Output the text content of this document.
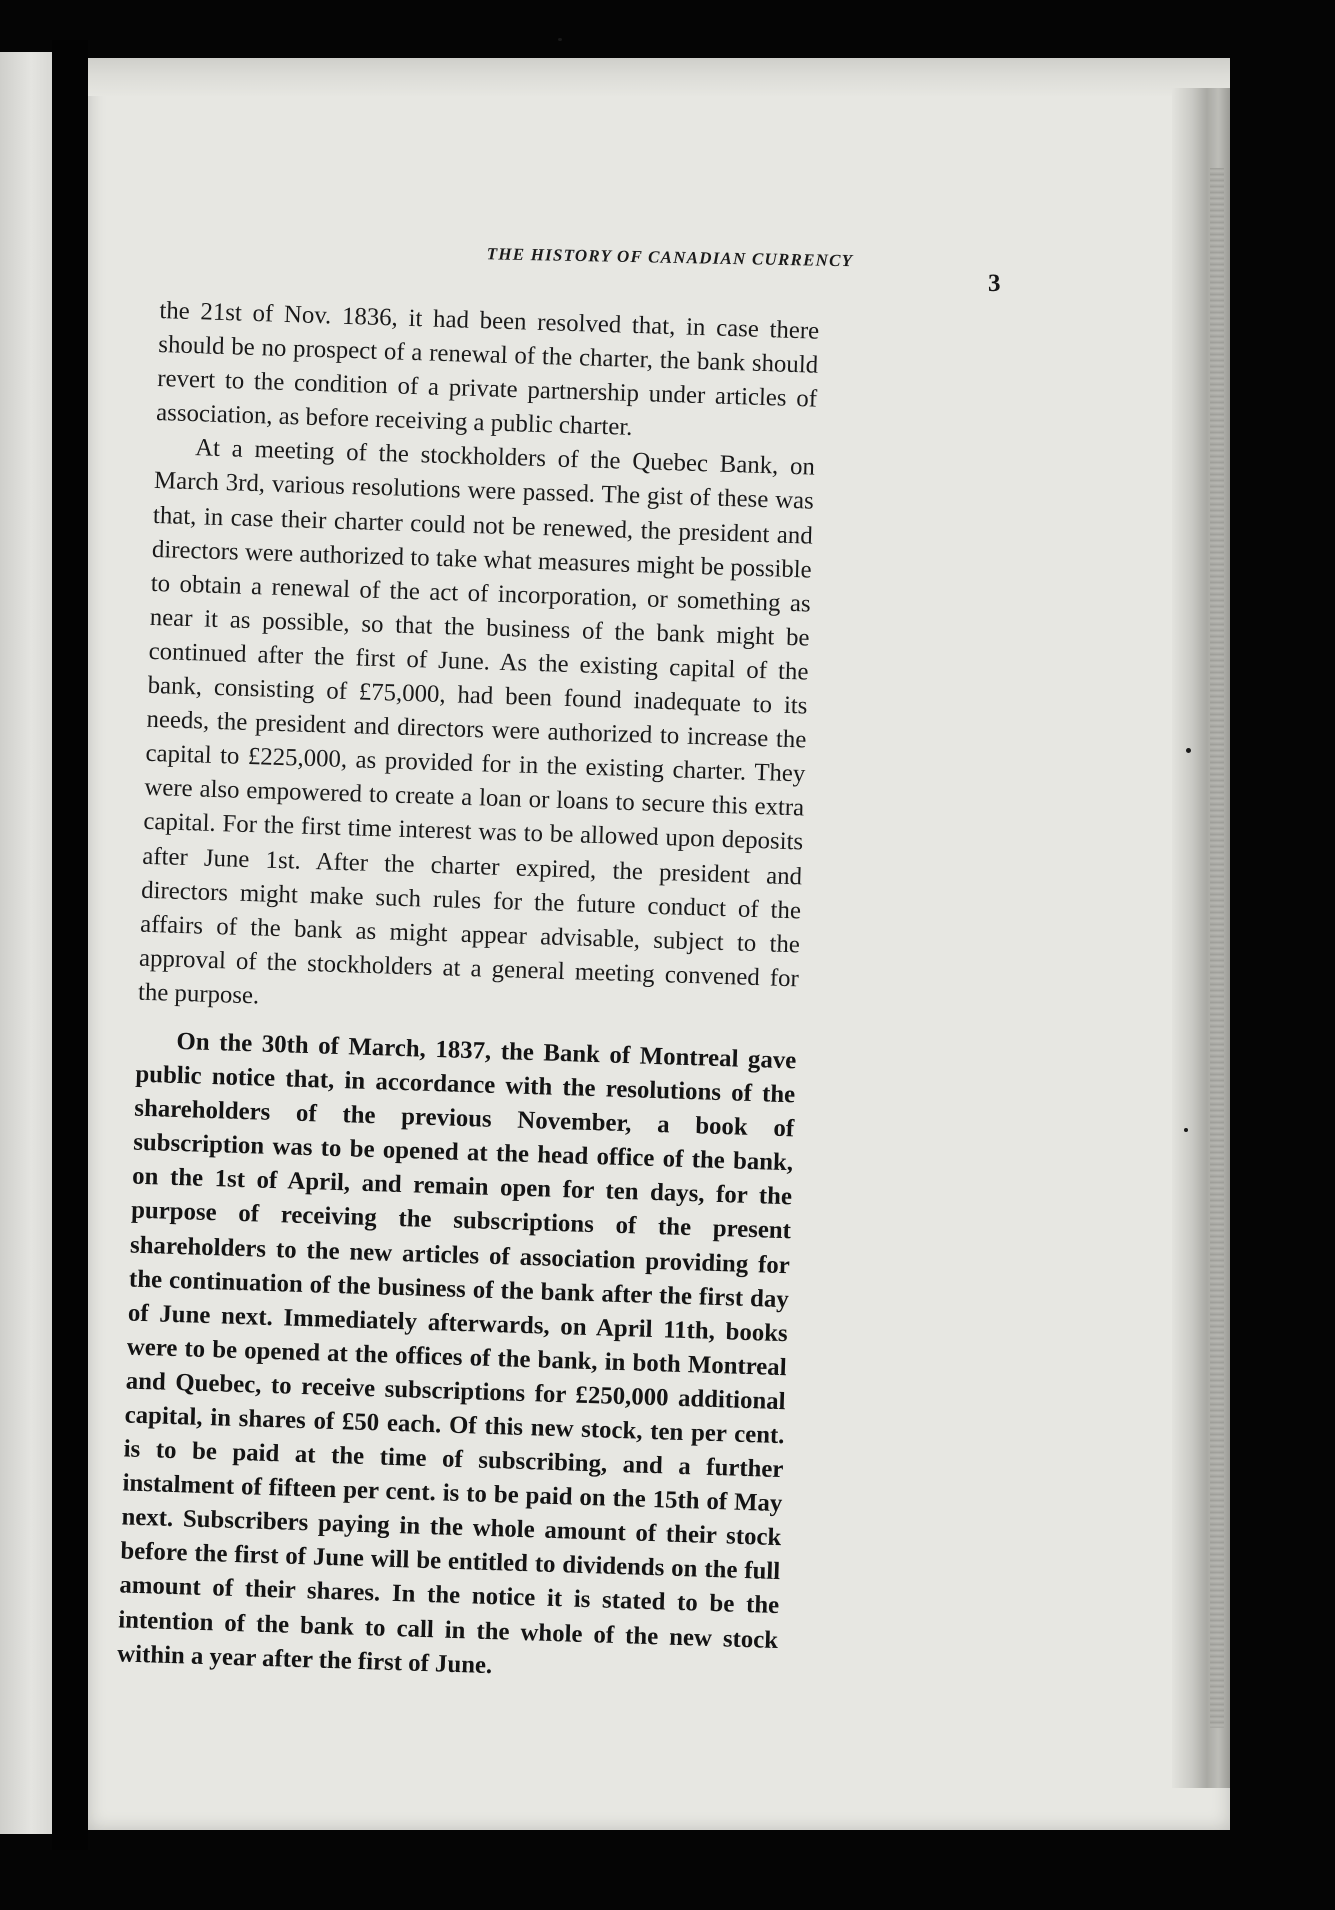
THE HISTORY OF CANADIAN CURRENCY
3

the 21st of Nov. 1836, it had been resolved that, in case there should be no prospect of a renewal of the charter, the bank should revert to the condition of a private partnership under articles of association, as before receiving a public charter.

At a meeting of the stockholders of the Quebec Bank, on March 3rd, various resolutions were passed. The gist of these was that, in case their charter could not be renewed, the president and directors were authorized to take what measures might be possible to obtain a renewal of the act of incorporation, or something as near it as possible, so that the business of the bank might be continued after the first of June. As the existing capital of the bank, consisting of £75,000, had been found inadequate to its needs, the president and directors were authorized to increase the capital to £225,000, as provided for in the existing charter. They were also empowered to create a loan or loans to secure this extra capital. For the first time interest was to be allowed upon deposits after June 1st. After the charter expired, the president and directors might make such rules for the future conduct of the affairs of the bank as might appear advisable, subject to the approval of the stockholders at a general meeting convened for the purpose.

On the 30th of March, 1837, the Bank of Montreal gave public notice that, in accordance with the resolutions of the shareholders of the previous November, a book of subscription was to be opened at the head office of the bank, on the 1st of April, and remain open for ten days, for the purpose of receiving the subscriptions of the present shareholders to the new articles of association providing for the continuation of the business of the bank after the first day of June next. Immediately afterwards, on April 11th, books were to be opened at the offices of the bank, in both Montreal and Quebec, to receive subscriptions for £250,000 additional capital, in shares of £50 each. Of this new stock, ten per cent. is to be paid at the time of subscribing, and a further instalment of fifteen per cent. is to be paid on the 15th of May next. Subscribers paying in the whole amount of their stock before the first of June will be entitled to dividends on the full amount of their shares. In the notice it is stated to be the intention of the bank to call in the whole of the new stock within a year after the first of June.
